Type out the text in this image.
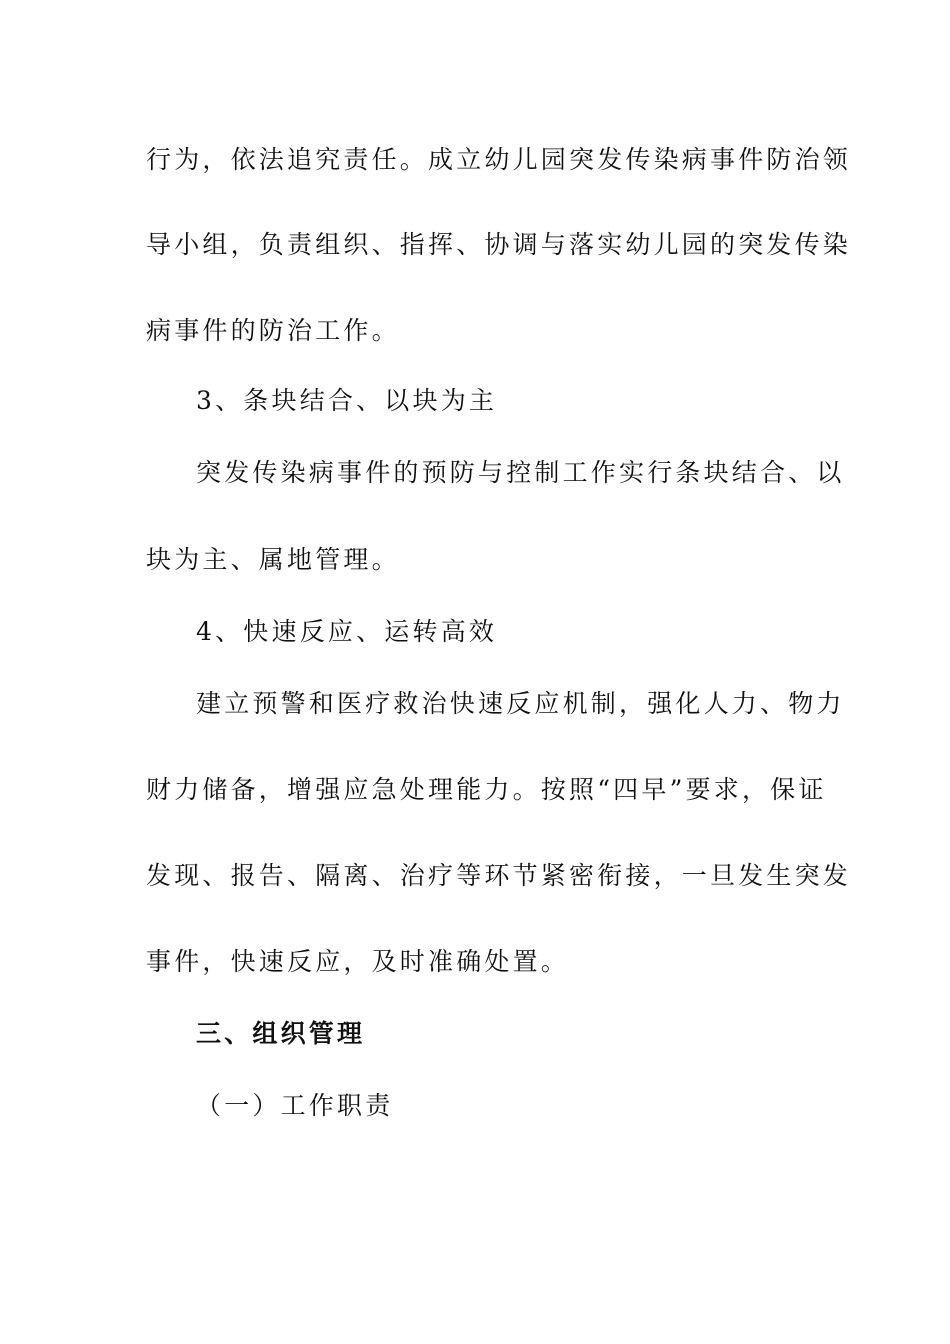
行为，依法追究责任。成立幼儿园突发传染病事件防治领
导小组，负责组织、指挥、协调与落实幼儿园的突发传染
病事件的防治工作。
3、条块结合、以块为主
突发传染病事件的预防与控制工作实行条块结合、以
块为主、属地管理。
4、快速反应、运转高效
建立预警和医疗救治快速反应机制，强化人力、物力
财力储备，增强应急处理能力。按照“四早”要求，保证
发现、报告、隔离、治疗等环节紧密衔接，一旦发生突发
事件，快速反应，及时准确处置。
三、组织管理
（一）工作职责
